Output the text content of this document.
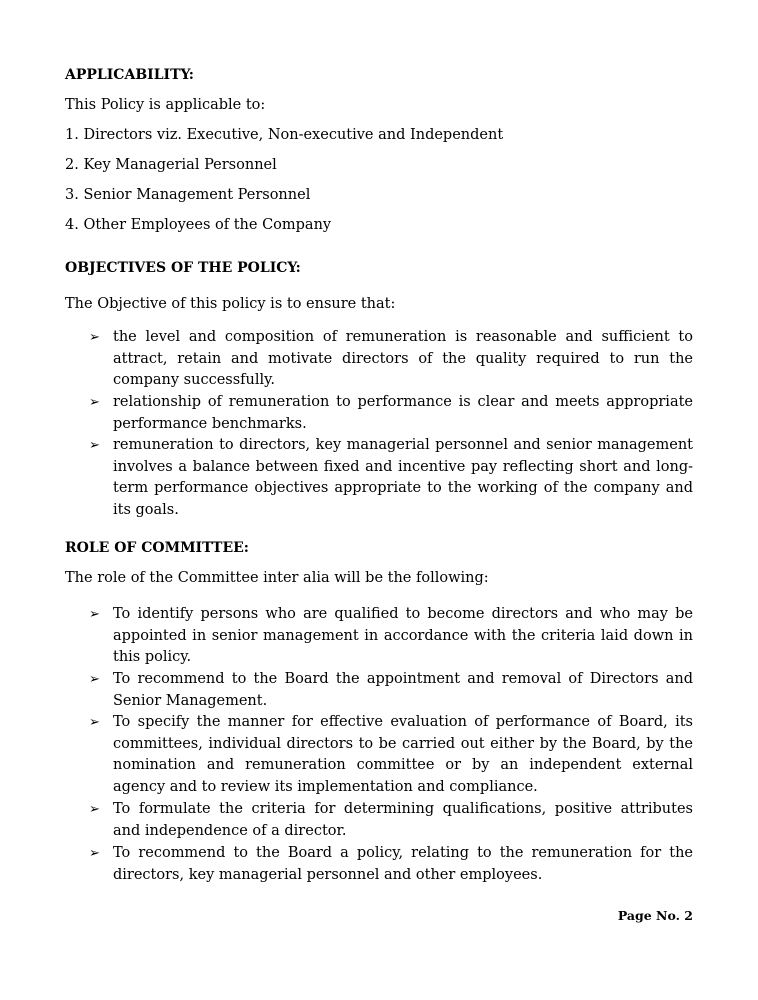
APPLICABILITY:
This Policy is applicable to:
1. Directors viz. Executive, Non-executive and Independent
2. Key Managerial Personnel
3. Senior Management Personnel
4. Other Employees of the Company
OBJECTIVES OF THE POLICY:
The Objective of this policy is to ensure that:
➢ the level and composition of remuneration is reasonable and sufficient to attract, retain and motivate directors of the quality required to run the company successfully.
➢ relationship of remuneration to performance is clear and meets appropriate performance benchmarks.
➢ remuneration to directors, key managerial personnel and senior management involves a balance between fixed and incentive pay reflecting short and long-term performance objectives appropriate to the working of the company and its goals.
ROLE OF COMMITTEE:
The role of the Committee inter alia will be the following:
➢ To identify persons who are qualified to become directors and who may be appointed in senior management in accordance with the criteria laid down in this policy.
➢ To recommend to the Board the appointment and removal of Directors and Senior Management.
➢ To specify the manner for effective evaluation of performance of Board, its committees, individual directors to be carried out either by the Board, by the nomination and remuneration committee or by an independent external agency and to review its implementation and compliance.
➢ To formulate the criteria for determining qualifications, positive attributes and independence of a director.
➢ To recommend to the Board a policy, relating to the remuneration for the directors, key managerial personnel and other employees.
Page No. 2
